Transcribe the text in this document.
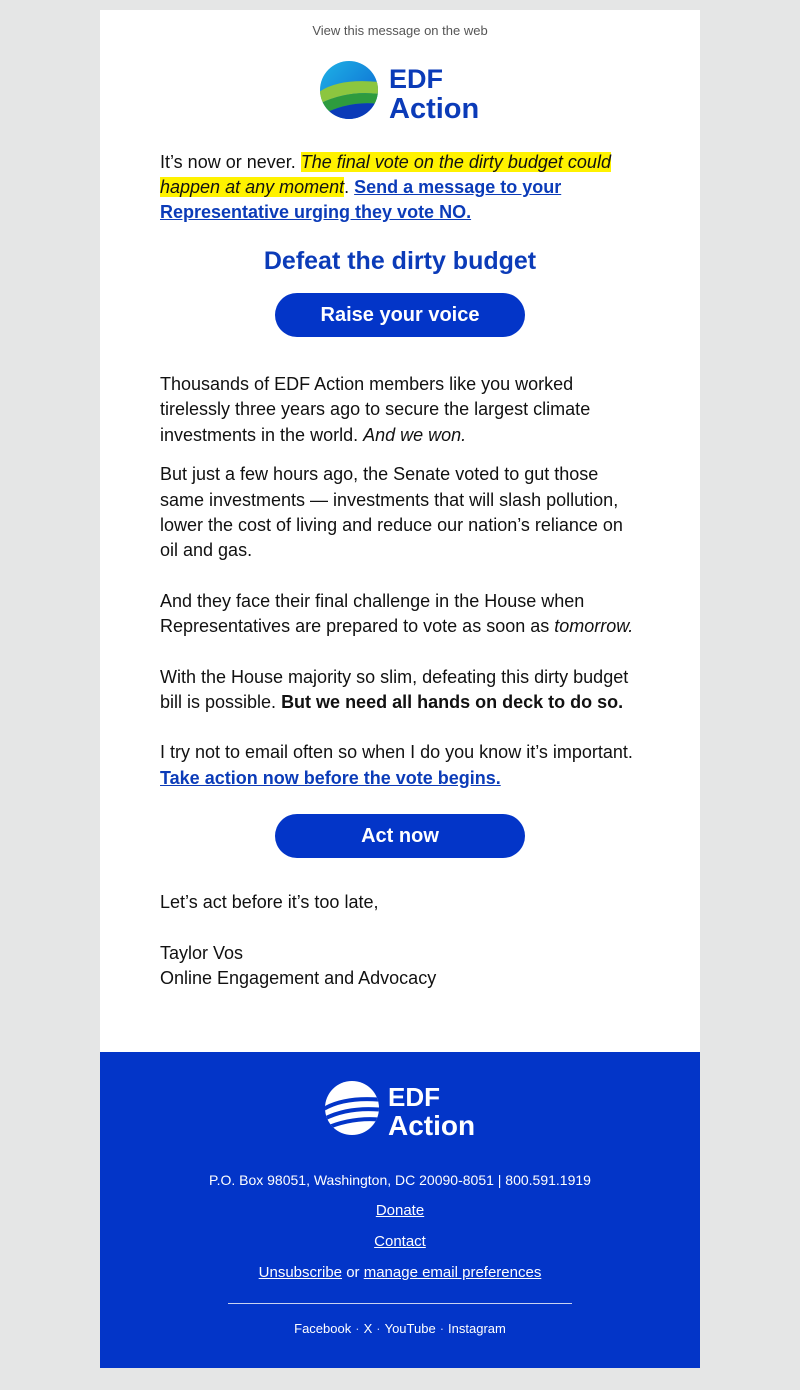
View this message on the web
EDF
Action

It’s now or never. The final vote on the dirty budget could happen at any moment. Send a message to your Representative urging they vote NO.

Defeat the dirty budget
Raise your voice

Thousands of EDF Action members like you worked tirelessly three years ago to secure the largest climate investments in the world. And we won.

But just a few hours ago, the Senate voted to gut those same investments — investments that will slash pollution, lower the cost of living and reduce our nation’s reliance on oil and gas.

And they face their final challenge in the House when Representatives are prepared to vote as soon as tomorrow.

With the House majority so slim, defeating this dirty budget bill is possible. But we need all hands on deck to do so.

I try not to email often so when I do you know it’s important.
Take action now before the vote begins.

Act now

Let’s act before it’s too late,

Taylor Vos

Online Engagement and Advocacy

EDF
Action
P.O. Box 98051, Washington, DC 20090-8051 | 800.591.1919
Donate
Contact
Unsubscribe or manage email preferences
Facebook · X · YouTube · Instagram
